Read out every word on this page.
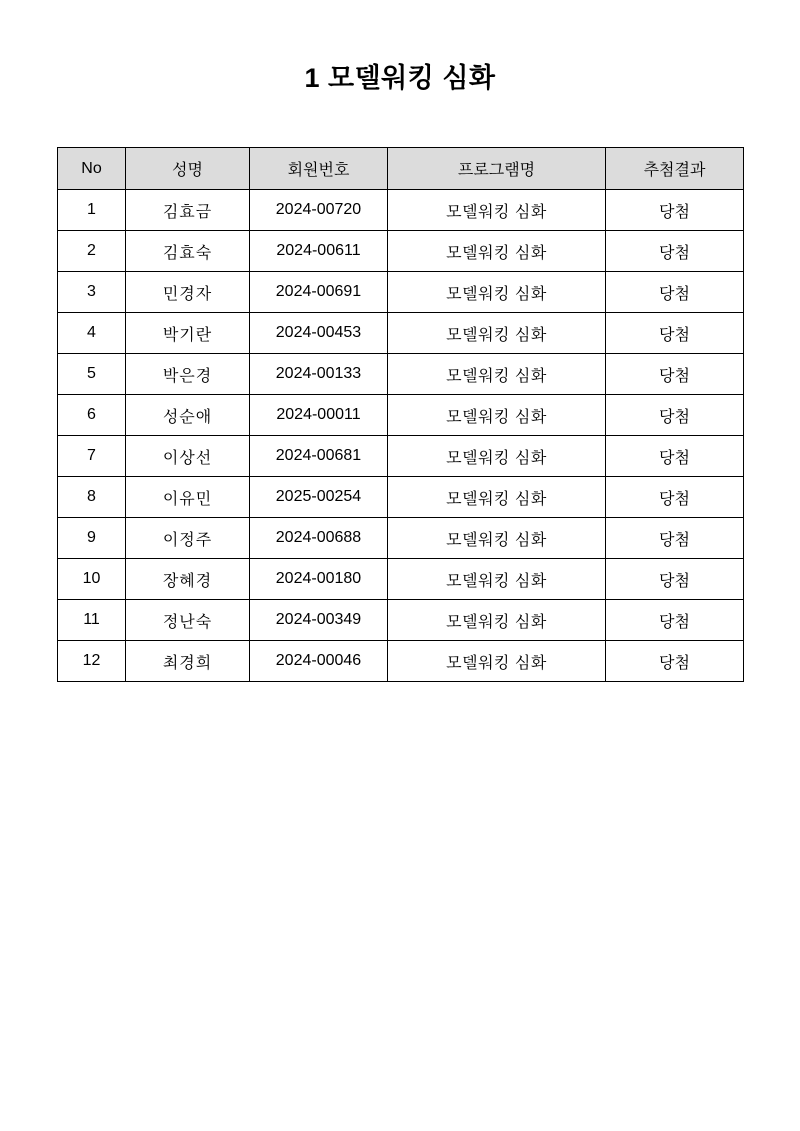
1 모델워킹 심화
No	성명	회원번호	프로그램명	추첨결과
1	김효금	2024-00720	모델워킹 심화	당첨
2	김효숙	2024-00611	모델워킹 심화	당첨
3	민경자	2024-00691	모델워킹 심화	당첨
4	박기란	2024-00453	모델워킹 심화	당첨
5	박은경	2024-00133	모델워킹 심화	당첨
6	성순애	2024-00011	모델워킹 심화	당첨
7	이상선	2024-00681	모델워킹 심화	당첨
8	이유민	2025-00254	모델워킹 심화	당첨
9	이정주	2024-00688	모델워킹 심화	당첨
10	장혜경	2024-00180	모델워킹 심화	당첨
11	정난숙	2024-00349	모델워킹 심화	당첨
12	최경희	2024-00046	모델워킹 심화	당첨
